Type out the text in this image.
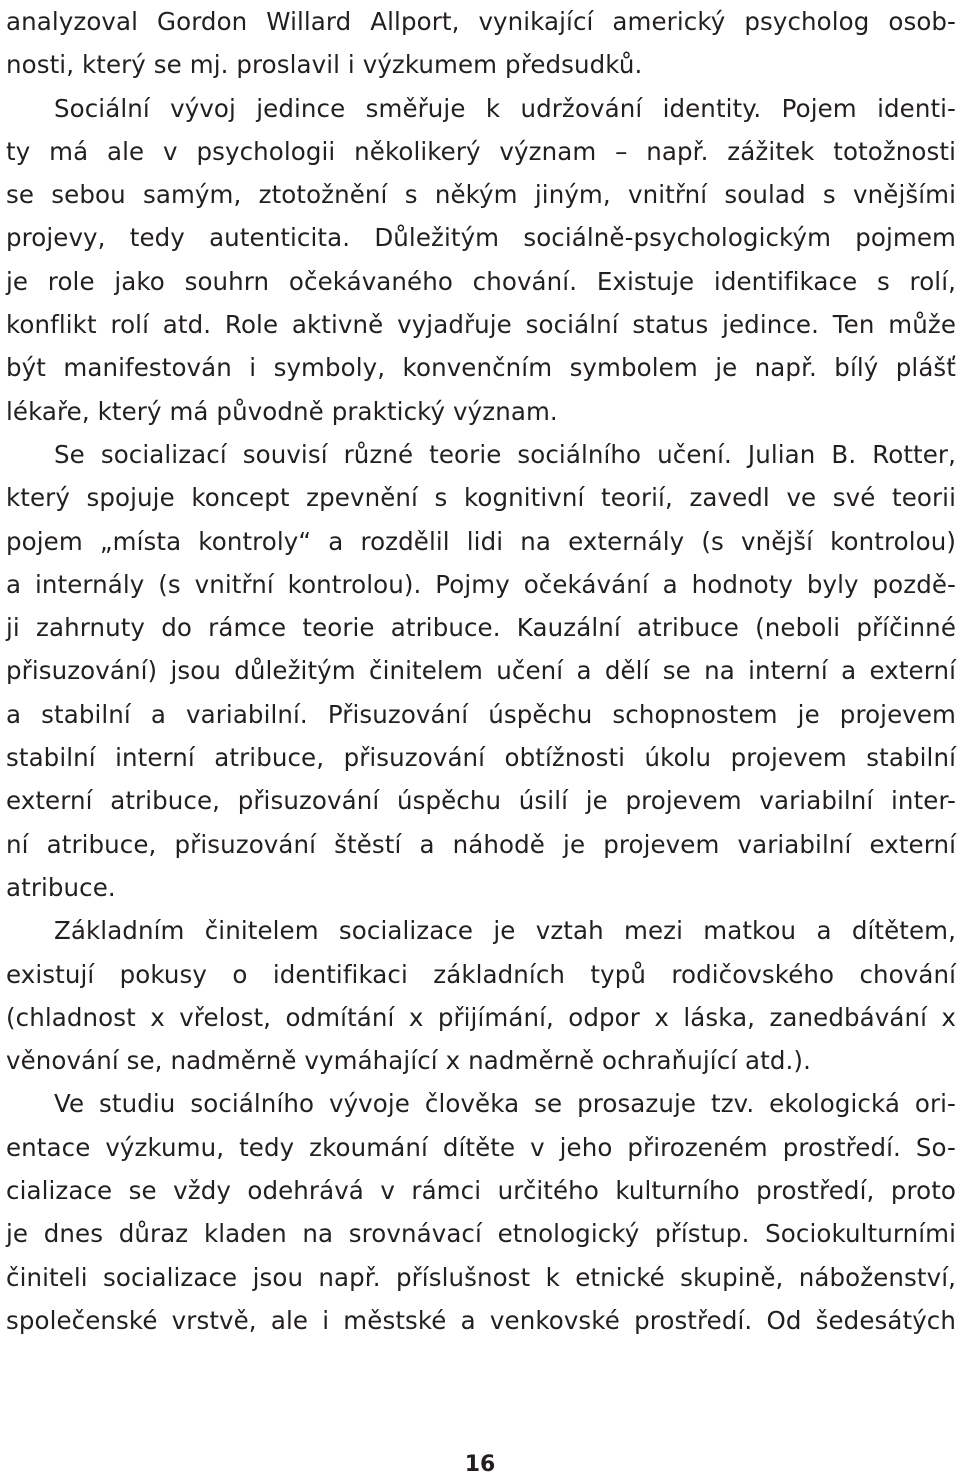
analyzoval Gordon Willard Allport, vynikající americký psycholog osob-
nosti, který se mj. proslavil i výzkumem předsudků.
Sociální vývoj jedince směřuje k udržování identity. Pojem identi-
ty má ale v psychologii několikerý význam – např. zážitek totožnosti
se sebou samým, ztotožnění s někým jiným, vnitřní soulad s vnějšími
projevy, tedy autenticita. Důležitým sociálně-psychologickým pojmem
je role jako souhrn očekávaného chování. Existuje identifikace s rolí,
konflikt rolí atd. Role aktivně vyjadřuje sociální status jedince. Ten může
být manifestován i symboly, konvenčním symbolem je např. bílý plášť
lékaře, který má původně praktický význam.
Se socializací souvisí různé teorie sociálního učení. Julian B. Rotter,
který spojuje koncept zpevnění s kognitivní teorií, zavedl ve své teorii
pojem „místa kontroly“ a rozdělil lidi na externály (s vnější kontrolou)
a internály (s vnitřní kontrolou). Pojmy očekávání a hodnoty byly pozdě-
ji zahrnuty do rámce teorie atribuce. Kauzální atribuce (neboli příčinné
přisuzování) jsou důležitým činitelem učení a dělí se na interní a externí
a stabilní a variabilní. Přisuzování úspěchu schopnostem je projevem
stabilní interní atribuce, přisuzování obtížnosti úkolu projevem stabilní
externí atribuce, přisuzování úspěchu úsilí je projevem variabilní inter-
ní atribuce, přisuzování štěstí a náhodě je projevem variabilní externí
atribuce.
Základním činitelem socializace je vztah mezi matkou a dítětem,
existují pokusy o identifikaci základních typů rodičovského chování
(chladnost x vřelost, odmítání x přijímání, odpor x láska, zanedbávání x
věnování se, nadměrně vymáhající x nadměrně ochraňující atd.).
Ve studiu sociálního vývoje člověka se prosazuje tzv. ekologická ori-
entace výzkumu, tedy zkoumání dítěte v jeho přirozeném prostředí. So-
cializace se vždy odehrává v rámci určitého kulturního prostředí, proto
je dnes důraz kladen na srovnávací etnologický přístup. Sociokulturními
činiteli socializace jsou např. příslušnost k etnické skupině, náboženství,
společenské vrstvě, ale i městské a venkovské prostředí. Od šedesátých
16
